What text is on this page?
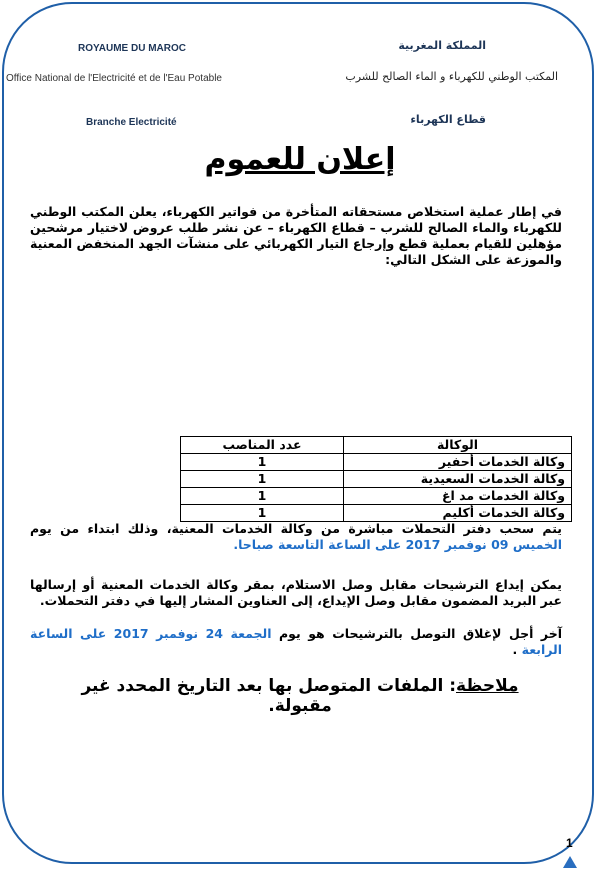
ROYAUME DU MAROC
Office National de l'Electricité et de l'Eau Potable
Branche Electricité
المملكة المغربية
المكتب الوطني للكهرباء و الماء الصالح للشرب
قطاع الكهرباء
إعلان للعموم
في إطار عملية استخلاص مستحقاته المتأخرة من فواتير الكهرباء، يعلن المكتب الوطني للكهرباء والماء الصالح للشرب – قطاع الكهرباء – عن نشر طلب عروض لاختيار مرشحين مؤهلين للقيام بعملية قطع وإرجاع التيار الكهربائي على منشآت الجهد المنخفض المعنية والموزعة على الشكل التالي:
الوكالة	عدد المناصب
وكالة الخدمات أحفير	1
وكالة الخدمات السعيدية	1
وكالة الخدمات مد اغ	1
وكالة الخدمات أكليم	1
يتم سحب دفتر التحملات مباشرة من وكالة الخدمات المعنية، وذلك ابتداء من يوم الخميس 09 نوفمبر 2017 على الساعة التاسعة صباحا.
يمكن إيداع الترشيحات مقابل وصل الاستلام، بمقر وكالة الخدمات المعنية أو إرسالها عبر البريد المضمون مقابل وصل الإيداع، إلى العناوين المشار إليها في دفتر التحملات.
آخر أجل لإغلاق التوصل بالترشيحات هو يوم الجمعة 24 نوفمبر 2017 على الساعة الرابعة .
ملاحظة: الملفات المتوصل بها بعد التاريخ المحدد غير مقبولة.
1
